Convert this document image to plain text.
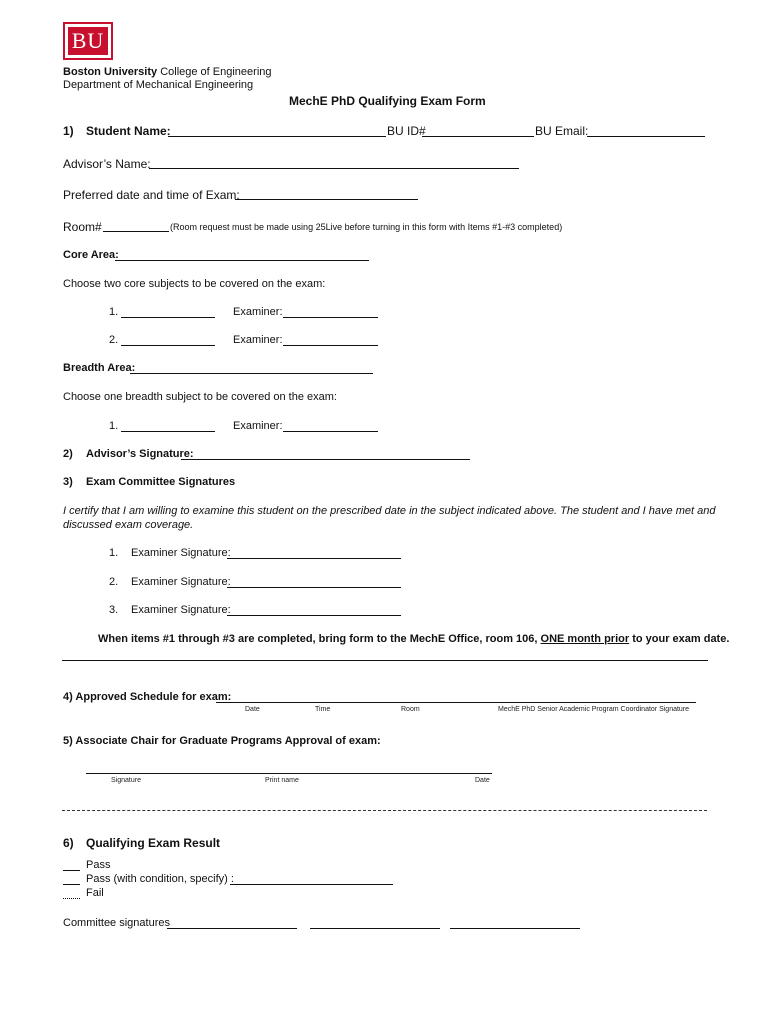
BU
Boston University College of Engineering
Department of Mechanical Engineering
MechE PhD Qualifying Exam Form
1) Student Name:	BU ID#	BU Email:
Advisor’s Name:
Preferred date and time of Exam:
Room#	(Room request must be made using 25Live before turning in this form with Items #1-#3 completed)
Core Area:
Choose two core subjects to be covered on the exam:
1.	Examiner:
2.	Examiner:
Breadth Area:
Choose one breadth subject to be covered on the exam:
1.	Examiner:
2) Advisor’s Signature:
3) Exam Committee Signatures
I certify that I am willing to examine this student on the prescribed date in the subject indicated above. The student and I have met and
discussed exam coverage.
1. Examiner Signature:
2. Examiner Signature:
3. Examiner Signature:
When items #1 through #3 are completed, bring form to the MechE Office, room 106, ONE month prior to your exam date.
4) Approved Schedule for exam:
Date	Time	Room	MechE PhD Senior Academic Program Coordinator Signature
5) Associate Chair for Graduate Programs Approval of exam:
Signature	Print name	Date
6) Qualifying Exam Result
Pass
Pass (with condition, specify) :
Fail
Committee signatures
